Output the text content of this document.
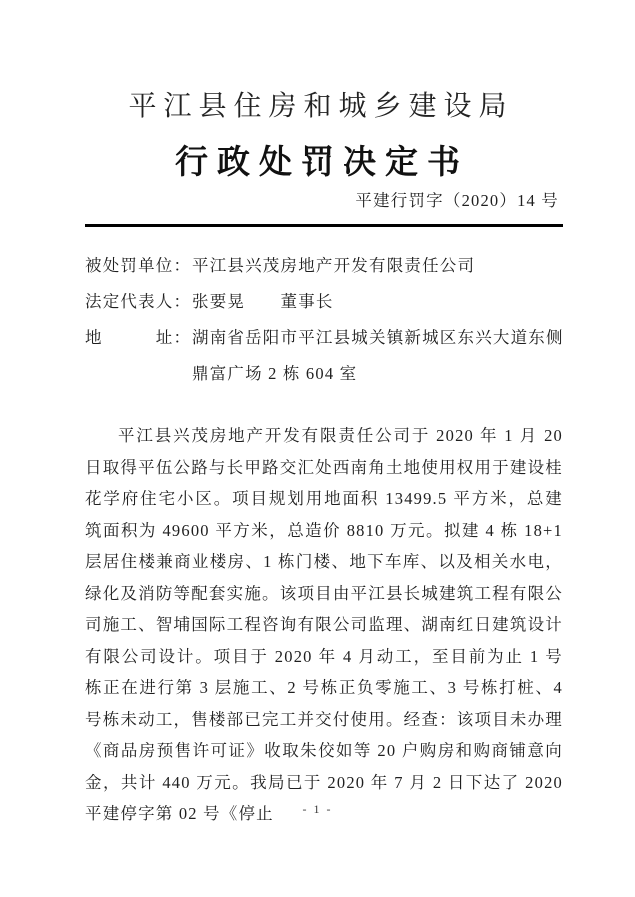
平江县住房和城乡建设局
行政处罚决定书
平建行罚字（2020）14 号
被处罚单位： 平江县兴茂房地产开发有限责任公司
法定代表人： 张要晃　　董事长
地　　　址： 湖南省岳阳市平江县城关镇新城区东兴大道东侧
鼎富广场 2 栋 604 室
平江县兴茂房地产开发有限责任公司于 2020 年 1 月 20 日取得平伍公路与长甲路交汇处西南角土地使用权用于建设桂花学府住宅小区。项目规划用地面积 13499.5 平方米，总建筑面积为 49600 平方米，总造价 8810 万元。拟建 4 栋 18+1 层居住楼兼商业楼房、1 栋门楼、地下车库、以及相关水电，绿化及消防等配套实施。该项目由平江县长城建筑工程有限公司施工、智埔国际工程咨询有限公司监理、湖南红日建筑设计有限公司设计。项目于 2020 年 4 月动工，至目前为止 1 号栋正在进行第 3 层施工、2 号栋正负零施工、3 号栋打桩、4 号栋未动工，售楼部已完工并交付使用。经查：该项目未办理《商品房预售许可证》收取朱佼如等 20 户购房和购商铺意向金，共计 440 万元。我局已于 2020 年 7 月 2 日下达了 2020 平建停字第 02 号《停止	- 1 -
